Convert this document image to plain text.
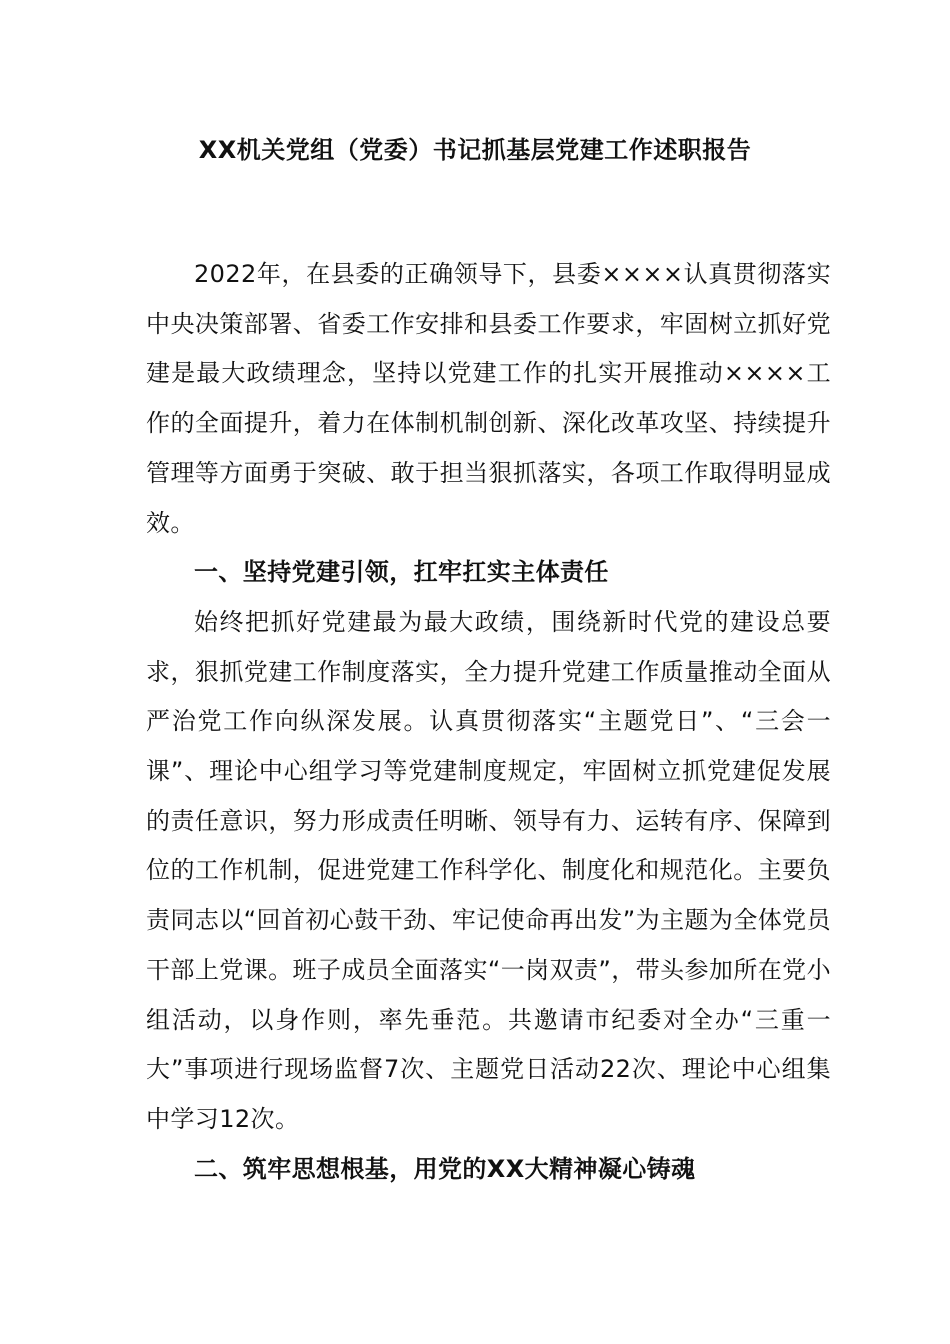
XX机关党组（党委）书记抓基层党建工作述职报告

2022年，在县委的正确领导下，县委××××认真贯彻落实中央决策部署、省委工作安排和县委工作要求，牢固树立抓好党建是最大政绩理念，坚持以党建工作的扎实开展推动××××工作的全面提升，着力在体制机制创新、深化改革攻坚、持续提升管理等方面勇于突破、敢于担当狠抓落实，各项工作取得明显成效。

一、坚持党建引领，扛牢扛实主体责任

始终把抓好党建最为最大政绩，围绕新时代党的建设总要求，狠抓党建工作制度落实，全力提升党建工作质量推动全面从严治党工作向纵深发展。认真贯彻落实“主题党日”、“三会一课”、理论中心组学习等党建制度规定，牢固树立抓党建促发展的责任意识，努力形成责任明晰、领导有力、运转有序、保障到位的工作机制，促进党建工作科学化、制度化和规范化。主要负责同志以“回首初心鼓干劲、牢记使命再出发”为主题为全体党员干部上党课。班子成员全面落实“一岗双责”，带头参加所在党小组活动，以身作则，率先垂范。共邀请市纪委对全办“三重一大”事项进行现场监督7次、主题党日活动22次、理论中心组集中学习12次。

二、筑牢思想根基，用党的XX大精神凝心铸魂
